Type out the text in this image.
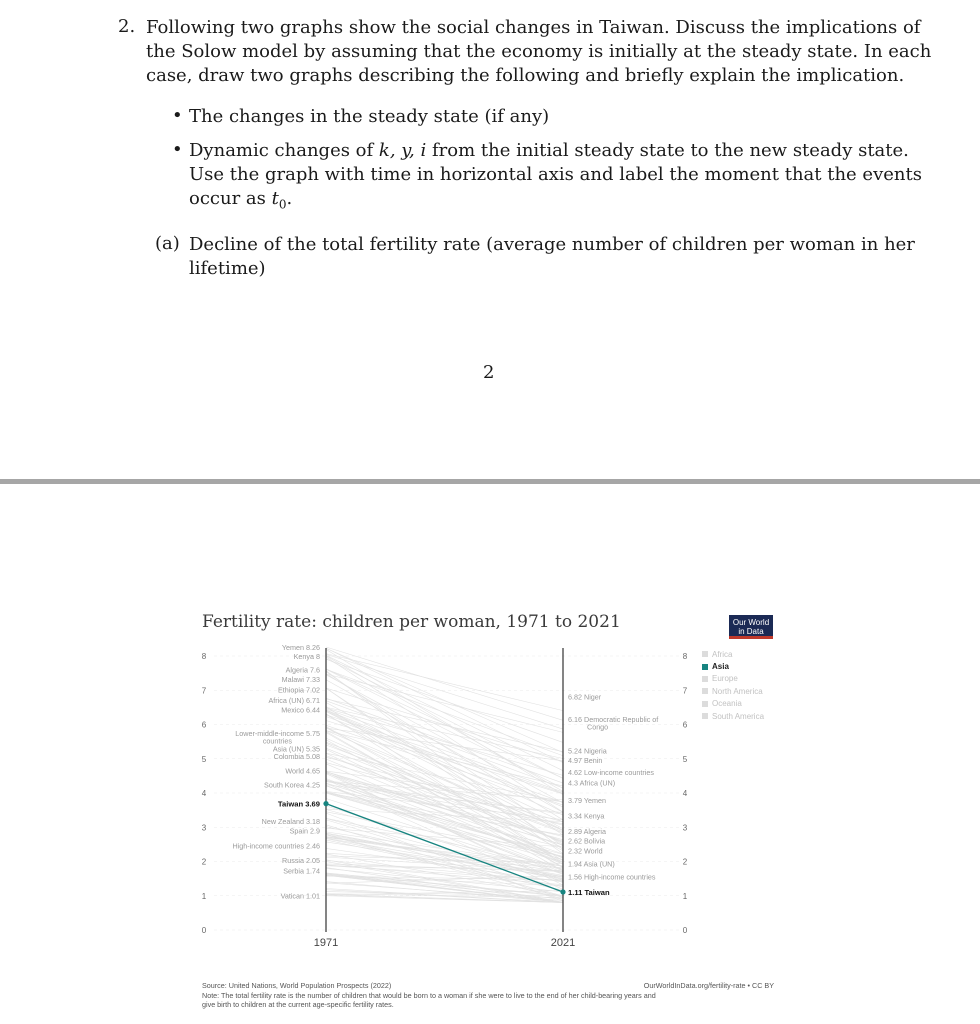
2. Following two graphs show the social changes in Taiwan. Discuss the implications of
the Solow model by assuming that the economy is initially at the steady state. In each
case, draw two graphs describing the following and briefly explain the implication.
• The changes in the steady state (if any)
• Dynamic changes of k, y, i from the initial steady state to the new steady state.
Use the graph with time in horizontal axis and label the moment that the events
occur as $t_0$.
(a) Decline of the total fertility rate (average number of children per woman in her
lifetime)
2
0	0
1	1
2	2
3	3
4	4
5	5
6	6
7	7
8	8
1971	2021
Yemen 8.26
Kenya 8
Algeria 7.6
Malawi 7.33
Ethiopia 7.02
Africa (UN) 6.71
Mexico 6.44
Lower-middle-income 5.75
countries
Asia (UN) 5.35
Colombia 5.08
World 4.65
South Korea 4.25
Taiwan 3.69
New Zealand 3.18
Spain 2.9
High-income countries 2.46
Russia 2.05
Serbia 1.74
Vatican 1.01
6.82 Niger
6.16 Democratic Republic of
Congo
5.24 Nigeria
4.97 Benin
4.62 Low-income countries
4.3 Africa (UN)
3.79 Yemen
3.34 Kenya
2.89 Algeria
2.62 Bolivia
2.32 World
1.94 Asia (UN)
1.56 High-income countries
1.11 Taiwan
Fertility rate: children per woman, 1971 to 2021	Our World
in Data
Africa
Asia
Europe
North America
Oceania
South America
Source: United Nations, World Population Prospects (2022)	OurWorldInData.org/fertility-rate • CC BY
Note: The total fertility rate is the number of children that would be born to a woman if she were to live to the end of her child-bearing years and
give birth to children at the current age-specific fertility rates.
